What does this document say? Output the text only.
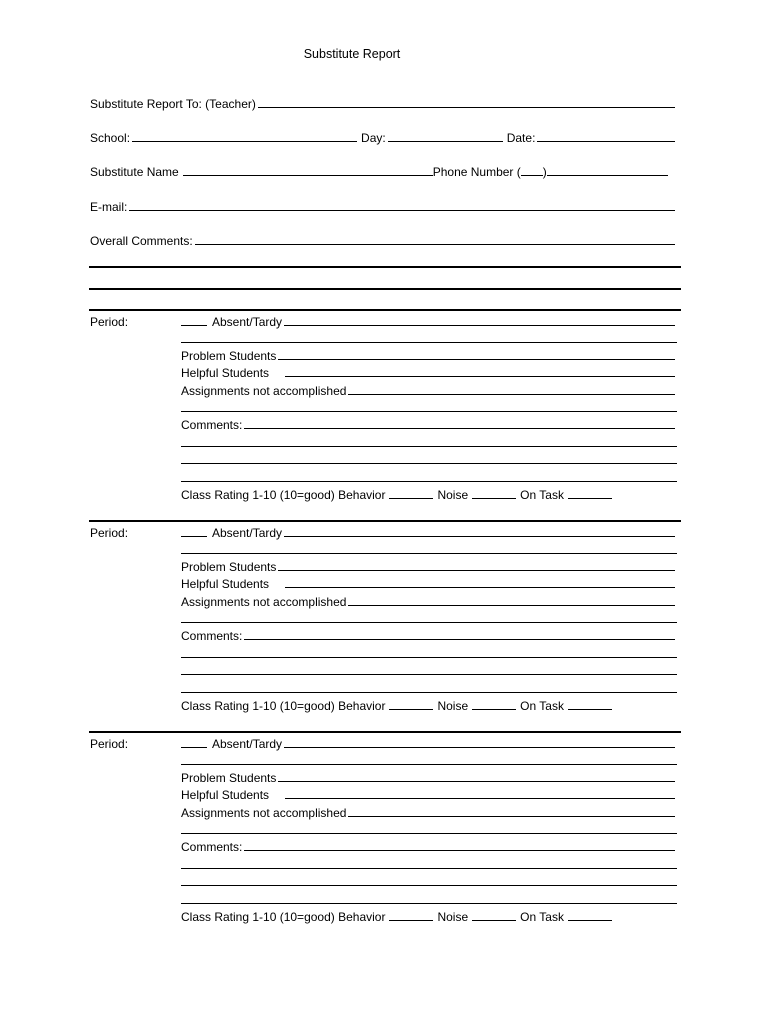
Substitute Report
Substitute Report To: (Teacher)
School:	Day:	Date:
Substitute Name	Phone Number ( )
E-mail:
Overall Comments:
Period:	Absent/Tardy
Problem Students
Helpful Students
Assignments not accomplished
Comments:
Class Rating 1-10 (10=good) Behavior	Noise	On Task
Period:	Absent/Tardy
Problem Students
Helpful Students
Assignments not accomplished
Comments:
Class Rating 1-10 (10=good) Behavior	Noise	On Task
Period:	Absent/Tardy
Problem Students
Helpful Students
Assignments not accomplished
Comments:
Class Rating 1-10 (10=good) Behavior	Noise	On Task
